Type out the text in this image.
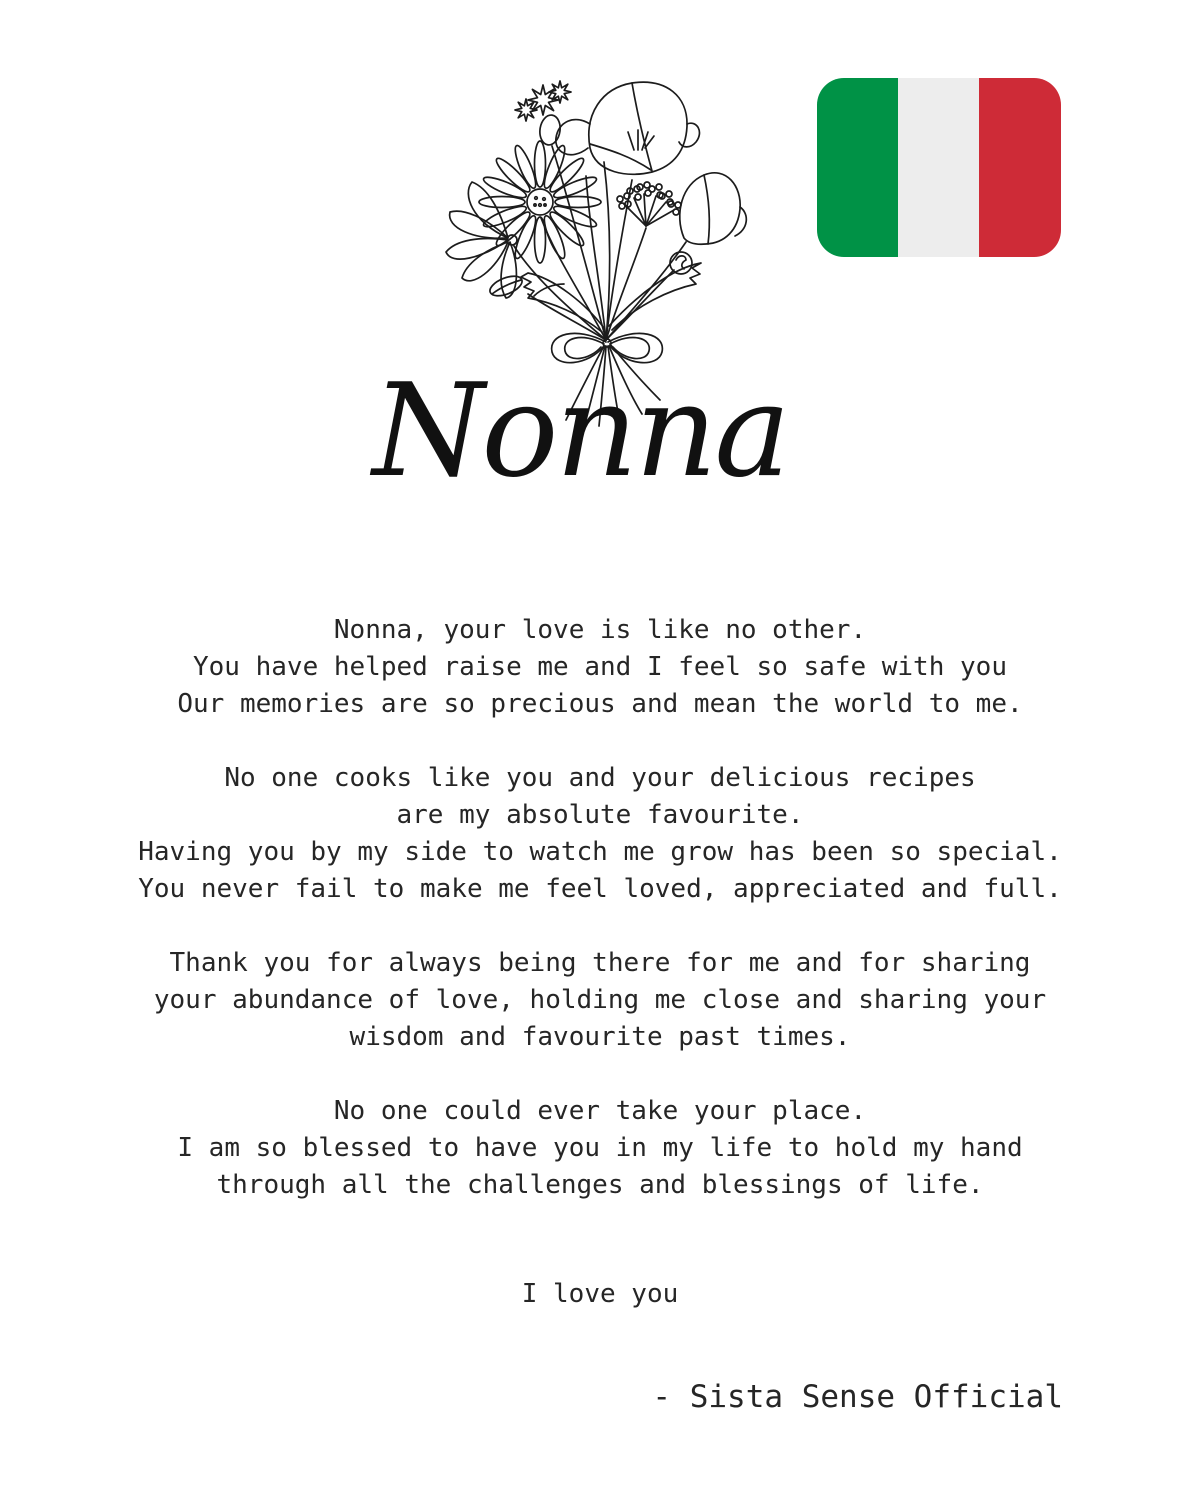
Nonna
Nonna, your love is like no other.
You have helped raise me and I feel so safe with you
Our memories are so precious and mean the world to me.
No one cooks like you and your delicious recipes
are my absolute favourite.
Having you by my side to watch me grow has been so special.
You never fail to make me feel loved, appreciated and full.
Thank you for always being there for me and for sharing
your abundance of love, holding me close and sharing your
wisdom and favourite past times.
No one could ever take your place.
I am so blessed to have you in my life to hold my hand
through all the challenges and blessings of life.
I love you
- Sista Sense Official
